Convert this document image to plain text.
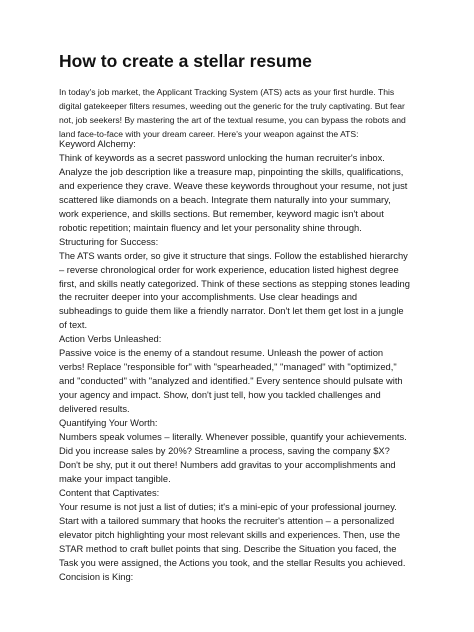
How to create a stellar resume
In today's job market, the Applicant Tracking System (ATS) acts as your first hurdle. This
digital gatekeeper filters resumes, weeding out the generic for the truly captivating. But fear
not, job seekers! By mastering the art of the textual resume, you can bypass the robots and
land face-to-face with your dream career. Here's your weapon against the ATS:
Keyword Alchemy:
Think of keywords as a secret password unlocking the human recruiter's inbox.
Analyze the job description like a treasure map, pinpointing the skills, qualifications,
and experience they crave. Weave these keywords throughout your resume, not just
scattered like diamonds on a beach. Integrate them naturally into your summary,
work experience, and skills sections. But remember, keyword magic isn't about
robotic repetition; maintain fluency and let your personality shine through.
Structuring for Success:
The ATS wants order, so give it structure that sings. Follow the established hierarchy
– reverse chronological order for work experience, education listed highest degree
first, and skills neatly categorized. Think of these sections as stepping stones leading
the recruiter deeper into your accomplishments. Use clear headings and
subheadings to guide them like a friendly narrator. Don't let them get lost in a jungle
of text.
Action Verbs Unleashed:
Passive voice is the enemy of a standout resume. Unleash the power of action
verbs! Replace "responsible for" with "spearheaded," "managed" with "optimized,"
and "conducted" with "analyzed and identified." Every sentence should pulsate with
your agency and impact. Show, don't just tell, how you tackled challenges and
delivered results.
Quantifying Your Worth:
Numbers speak volumes – literally. Whenever possible, quantify your achievements.
Did you increase sales by 20%? Streamline a process, saving the company $X?
Don't be shy, put it out there! Numbers add gravitas to your accomplishments and
make your impact tangible.
Content that Captivates:
Your resume is not just a list of duties; it's a mini-epic of your professional journey.
Start with a tailored summary that hooks the recruiter's attention – a personalized
elevator pitch highlighting your most relevant skills and experiences. Then, use the
STAR method to craft bullet points that sing. Describe the Situation you faced, the
Task you were assigned, the Actions you took, and the stellar Results you achieved.
Concision is King:
